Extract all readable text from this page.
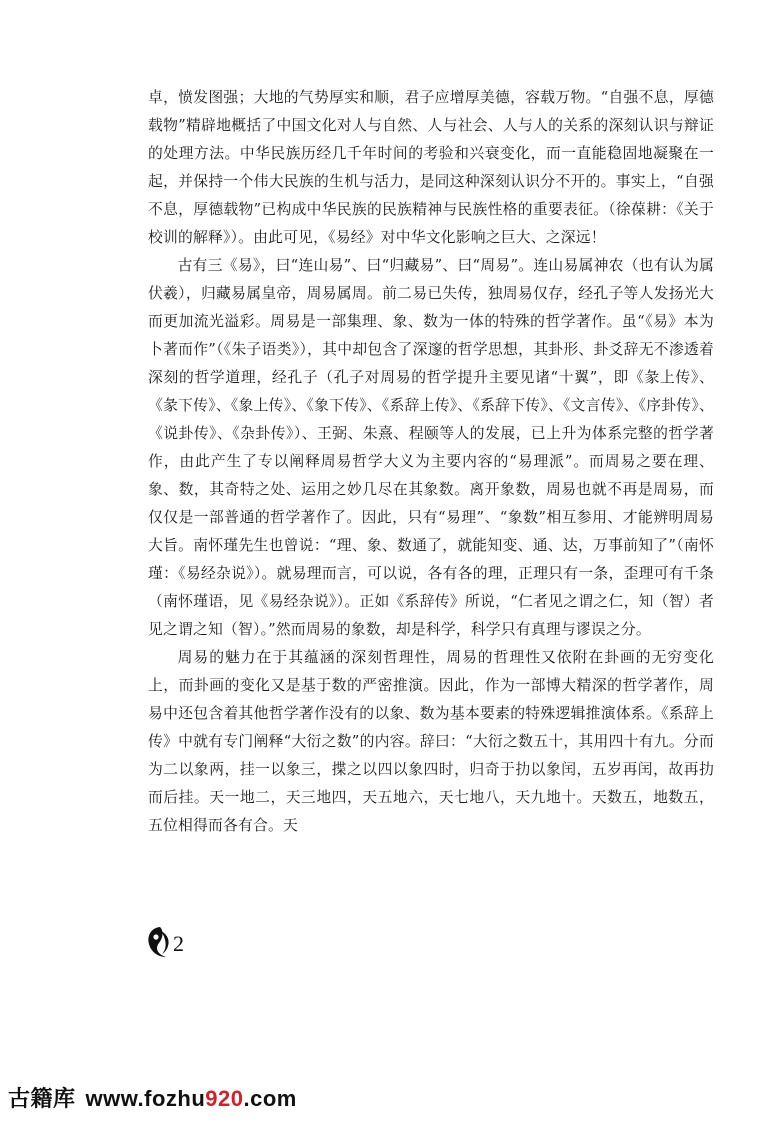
卓，愤发图强；大地的气势厚实和顺，君子应增厚美德，容载万物。“自强不息，厚德载物”精辟地概括了中国文化对人与自然、人与社会、人与人的关系的深刻认识与辩证的处理方法。中华民族历经几千年时间的考验和兴衰变化，而一直能稳固地凝聚在一起，并保持一个伟大民族的生机与活力，是同这种深刻认识分不开的。事实上，“自强不息，厚德载物”已构成中华民族的民族精神与民族性格的重要表征。（徐葆耕：《关于校训的解释》）。由此可见，《易经》对中华文化影响之巨大、之深远！

古有三《易》，曰“连山易”、曰“归藏易”、曰“周易”。连山易属神农（也有认为属伏羲），归藏易属皇帝，周易属周。前二易已失传，独周易仅存，经孔子等人发扬光大而更加流光溢彩。周易是一部集理、象、数为一体的特殊的哲学著作。虽“《易》本为卜著而作”（《朱子语类》），其中却包含了深邃的哲学思想，其卦形、卦爻辞无不渗透着深刻的哲学道理，经孔子（孔子对周易的哲学提升主要见诸“十翼”，即《彖上传》、《彖下传》、《象上传》、《象下传》、《系辞上传》、《系辞下传》、《文言传》、《序卦传》、《说卦传》、《杂卦传》）、王弼、朱熹、程颐等人的发展，已上升为体系完整的哲学著作，由此产生了专以阐释周易哲学大义为主要内容的“易理派”。而周易之要在理、象、数，其奇特之处、运用之妙几尽在其象数。离开象数，周易也就不再是周易，而仅仅是一部普通的哲学著作了。因此，只有“易理”、“象数”相互参用、才能辨明周易大旨。南怀瑾先生也曾说：“理、象、数通了，就能知变、通、达，万事前知了”（南怀瑾：《易经杂说》）。就易理而言，可以说，各有各的理，正理只有一条，歪理可有千条（南怀瑾语，见《易经杂说》）。正如《系辞传》所说，“仁者见之谓之仁，知（智）者见之谓之知（智）。”然而周易的象数，却是科学，科学只有真理与谬误之分。

周易的魅力在于其蕴涵的深刻哲理性，周易的哲理性又依附在卦画的无穷变化上，而卦画的变化又是基于数的严密推演。因此，作为一部博大精深的哲学著作，周易中还包含着其他哲学著作没有的以象、数为基本要素的特殊逻辑推演体系。《系辞上传》中就有专门阐释“大衍之数”的内容。辞曰：“大衍之数五十，其用四十有九。分而为二以象两，挂一以象三，揲之以四以象四时，归奇于扐以象闰，五岁再闰，故再扐而后挂。天一地二，天三地四，天五地六，天七地八，天九地十。天数五，地数五，五位相得而各有合。天

2
古籍库 www.fozhu920.com
